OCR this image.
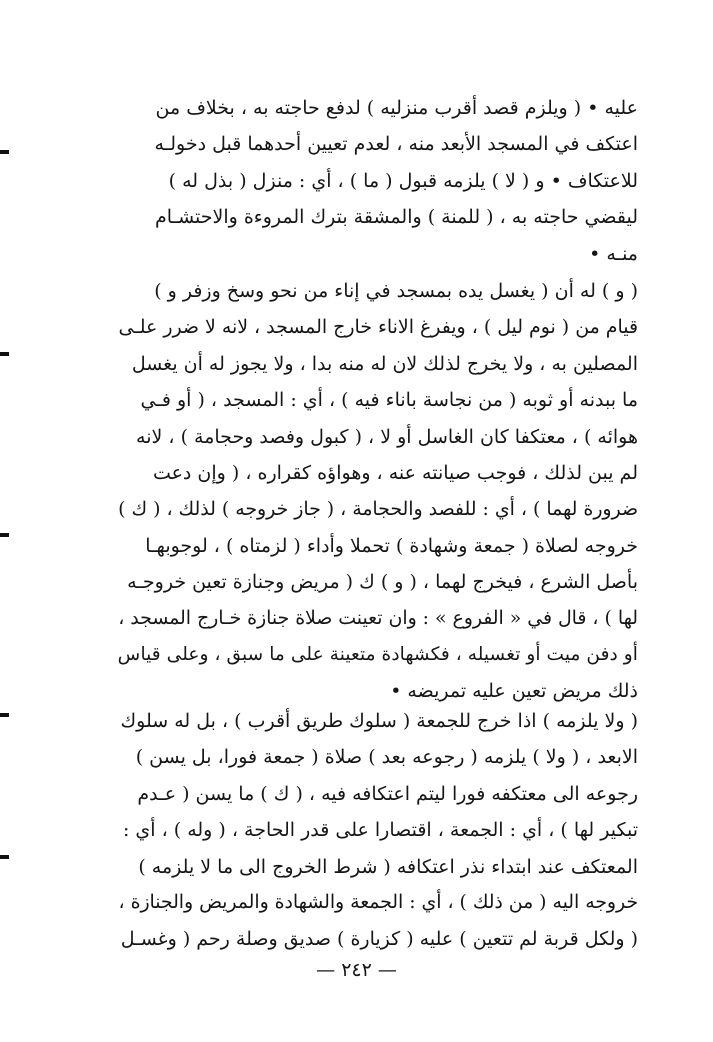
عليه • ( ويلزم قصد أقرب منزليه ) لدفع حاجته به ، بخلاف من
اعتكف في المسجد الأبعد منه ، لعدم تعيين أحدهما قبل دخولـه
للاعتكاف • و ( لا ) يلزمه قبول ( ما ) ، أي : منزل ( بذل له )
ليقضي حاجته به ، ( للمنة ) والمشقة بترك المروءة والاحتشـام
منـه •
( و ) له أن ( يغسل يده بمسجد في إناء من نحو وسخ وزفر و )
قيام من ( نوم ليل ) ، ويفرغ الاناء خارج المسجد ، لانه لا ضرر علـى
المصلين به ، ولا يخرج لذلك لان له منه بدا ، ولا يجوز له أن يغسل
ما ببدنه أو ثوبه ( من نجاسة باناء فيه ) ، أي : المسجد ، ( أو فـي
هوائه ) ، معتكفا كان الغاسل أو لا ، ( كبول وفصد وحجامة ) ، لانه
لم يبن لذلك ، فوجب صيانته عنه ، وهواؤه كقراره ، ( وإن دعت
ضرورة لهما ) ، أي : للفصد والحجامة ، ( جاز خروجه ) لذلك ، ( ك )
خروجه لصلاة ( جمعة وشهادة ) تحملا وأداء ( لزمتاه ) ، لوجوبهـا
بأصل الشرع ، فيخرج لهما ، ( و ) ك ( مريض وجنازة تعين خروجـه
لها ) ، قال في « الفروع » : وان تعينت صلاة جنازة خـارج المسجد ،
أو دفن ميت أو تغسيله ، فكشهادة متعينة على ما سبق ، وعلى قياس
ذلك مريض تعين عليه تمريضه •
( ولا يلزمه ) اذا خرج للجمعة ( سلوك طريق أقرب ) ، بل له سلوك
الابعد ، ( ولا ) يلزمه ( رجوعه بعد ) صلاة ( جمعة فورا، بل يسن )
رجوعه الى معتكفه فورا ليتم اعتكافه فيه ، ( ك ) ما يسن ( عـدم
تبكير لها ) ، أي : الجمعة ، اقتصارا على قدر الحاجة ، ( وله ) ، أي :
المعتكف عند ابتداء نذر اعتكافه ( شرط الخروج الى ما لا يلزمه )
خروجه اليه ( من ذلك ) ، أي : الجمعة والشهادة والمريض والجنازة ،
( ولكل قربة لم تتعين ) عليه ( كزيارة ) صديق وصلة رحم ( وغسـل
— ٢٤٢ —
